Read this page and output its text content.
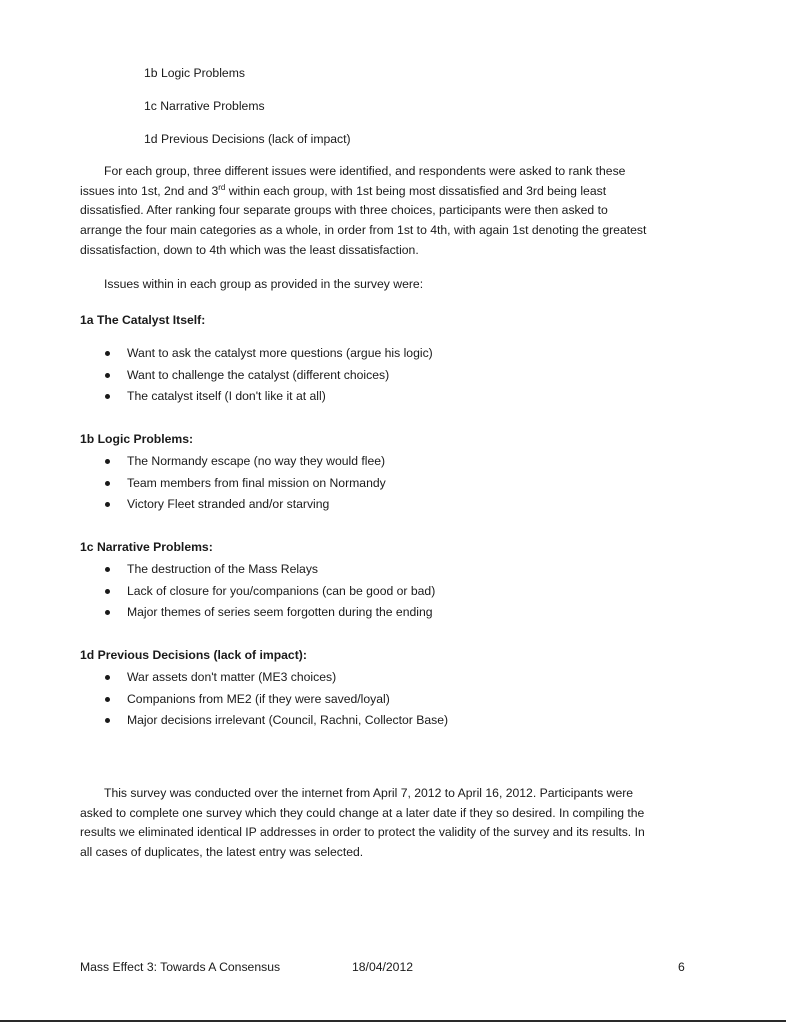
1b Logic Problems
1c Narrative Problems
1d Previous Decisions (lack of impact)
For each group, three different issues were identified, and respondents were asked to rank these
issues into 1st, 2nd and 3rd within each group, with 1st being most dissatisfied and 3rd being least
dissatisfied. After ranking four separate groups with three choices, participants were then asked to
arrange the four main categories as a whole, in order from 1st to 4th, with again 1st denoting the greatest
dissatisfaction, down to 4th which was the least dissatisfaction.
Issues within in each group as provided in the survey were:
1a The Catalyst Itself:
Want to ask the catalyst more questions (argue his logic)
Want to challenge the catalyst (different choices)
The catalyst itself (I don't like it at all)
1b Logic Problems:
The Normandy escape (no way they would flee)
Team members from final mission on Normandy
Victory Fleet stranded and/or starving
1c Narrative Problems:
The destruction of the Mass Relays
Lack of closure for you/companions (can be good or bad)
Major themes of series seem forgotten during the ending
1d Previous Decisions (lack of impact):
War assets don't matter (ME3 choices)
Companions from ME2 (if they were saved/loyal)
Major decisions irrelevant (Council, Rachni, Collector Base)
This survey was conducted over the internet from April 7, 2012 to April 16, 2012. Participants were
asked to complete one survey which they could change at a later date if they so desired. In compiling the
results we eliminated identical IP addresses in order to protect the validity of the survey and its results. In
all cases of duplicates, the latest entry was selected.
Mass Effect 3: Towards A Consensus	18/04/2012	6
